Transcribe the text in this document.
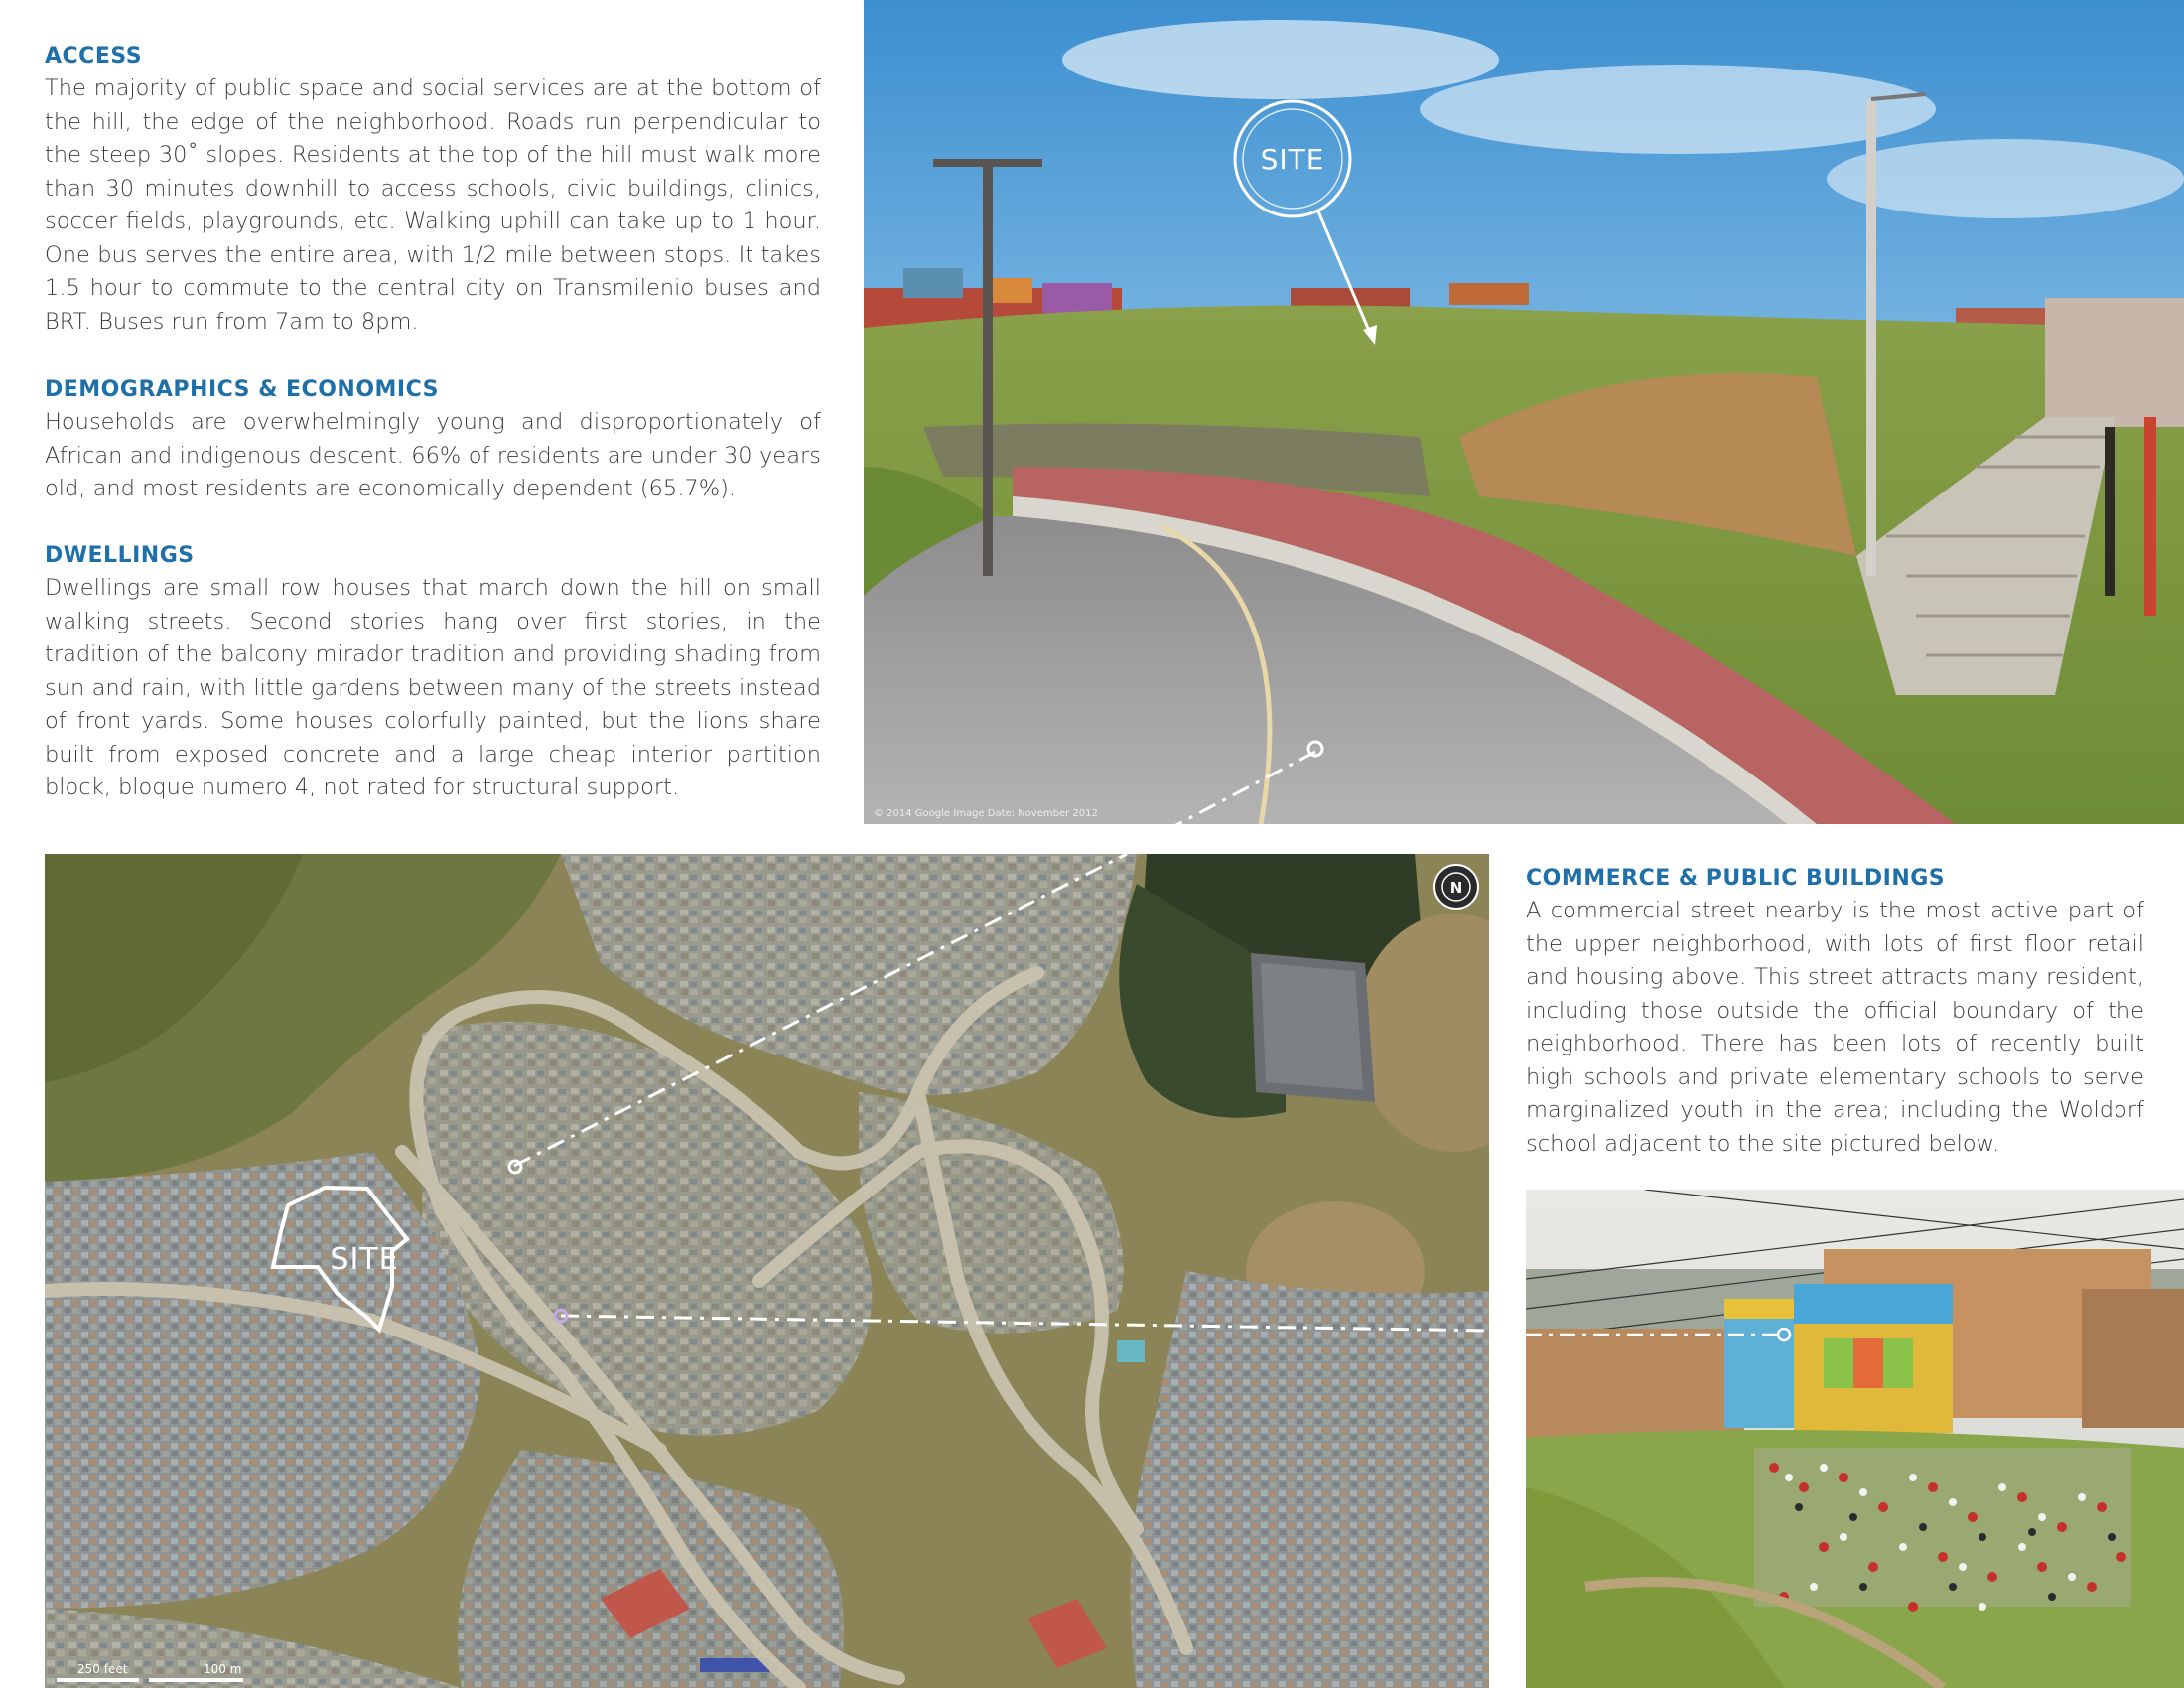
ACCESS

The majority of public space and social services are at the bottom of the hill, the edge of the neighborhood. Roads run perpendicular to the steep 30˚ slopes. Residents at the top of the hill must walk more than 30 minutes downhill to access schools, civic buildings, clinics, soccer fields, playgrounds, etc. Walking uphill can take up to 1 hour. One bus serves the entire area, with 1/2 mile between stops. It takes 1.5 hour to commute to the central city on Transmilenio buses and BRT. Buses run from 7am to 8pm.

DEMOGRAPHICS & ECONOMICS

Households are overwhelmingly young and disproportionately of African and indigenous descent. 66% of residents are under 30 years old, and most residents are economically dependent (65.7%).

DWELLINGS

Dwellings are small row houses that march down the hill on small walking streets. Second stories hang over first stories, in the tradition of the balcony mirador tradition and providing shading from sun and rain, with little gardens between many of the streets instead of front yards. Some houses colorfully painted, but the lions share built from exposed concrete and a large cheap interior partition block, bloque numero 4, not rated for structural support.

COMMERCE & PUBLIC BUILDINGS

A commercial street nearby is the most active part of the upper neighborhood, with lots of first floor retail and housing above. This street attracts many resident, including those outside the official boundary of the neighborhood. There has been lots of recently built high schools and private elementary schools to serve marginalized youth in the area; including the Woldorf school adjacent to the site pictured below.

SITE
© 2014 Google Image Date: November 2012
SITE
N
250 feet	100 m
